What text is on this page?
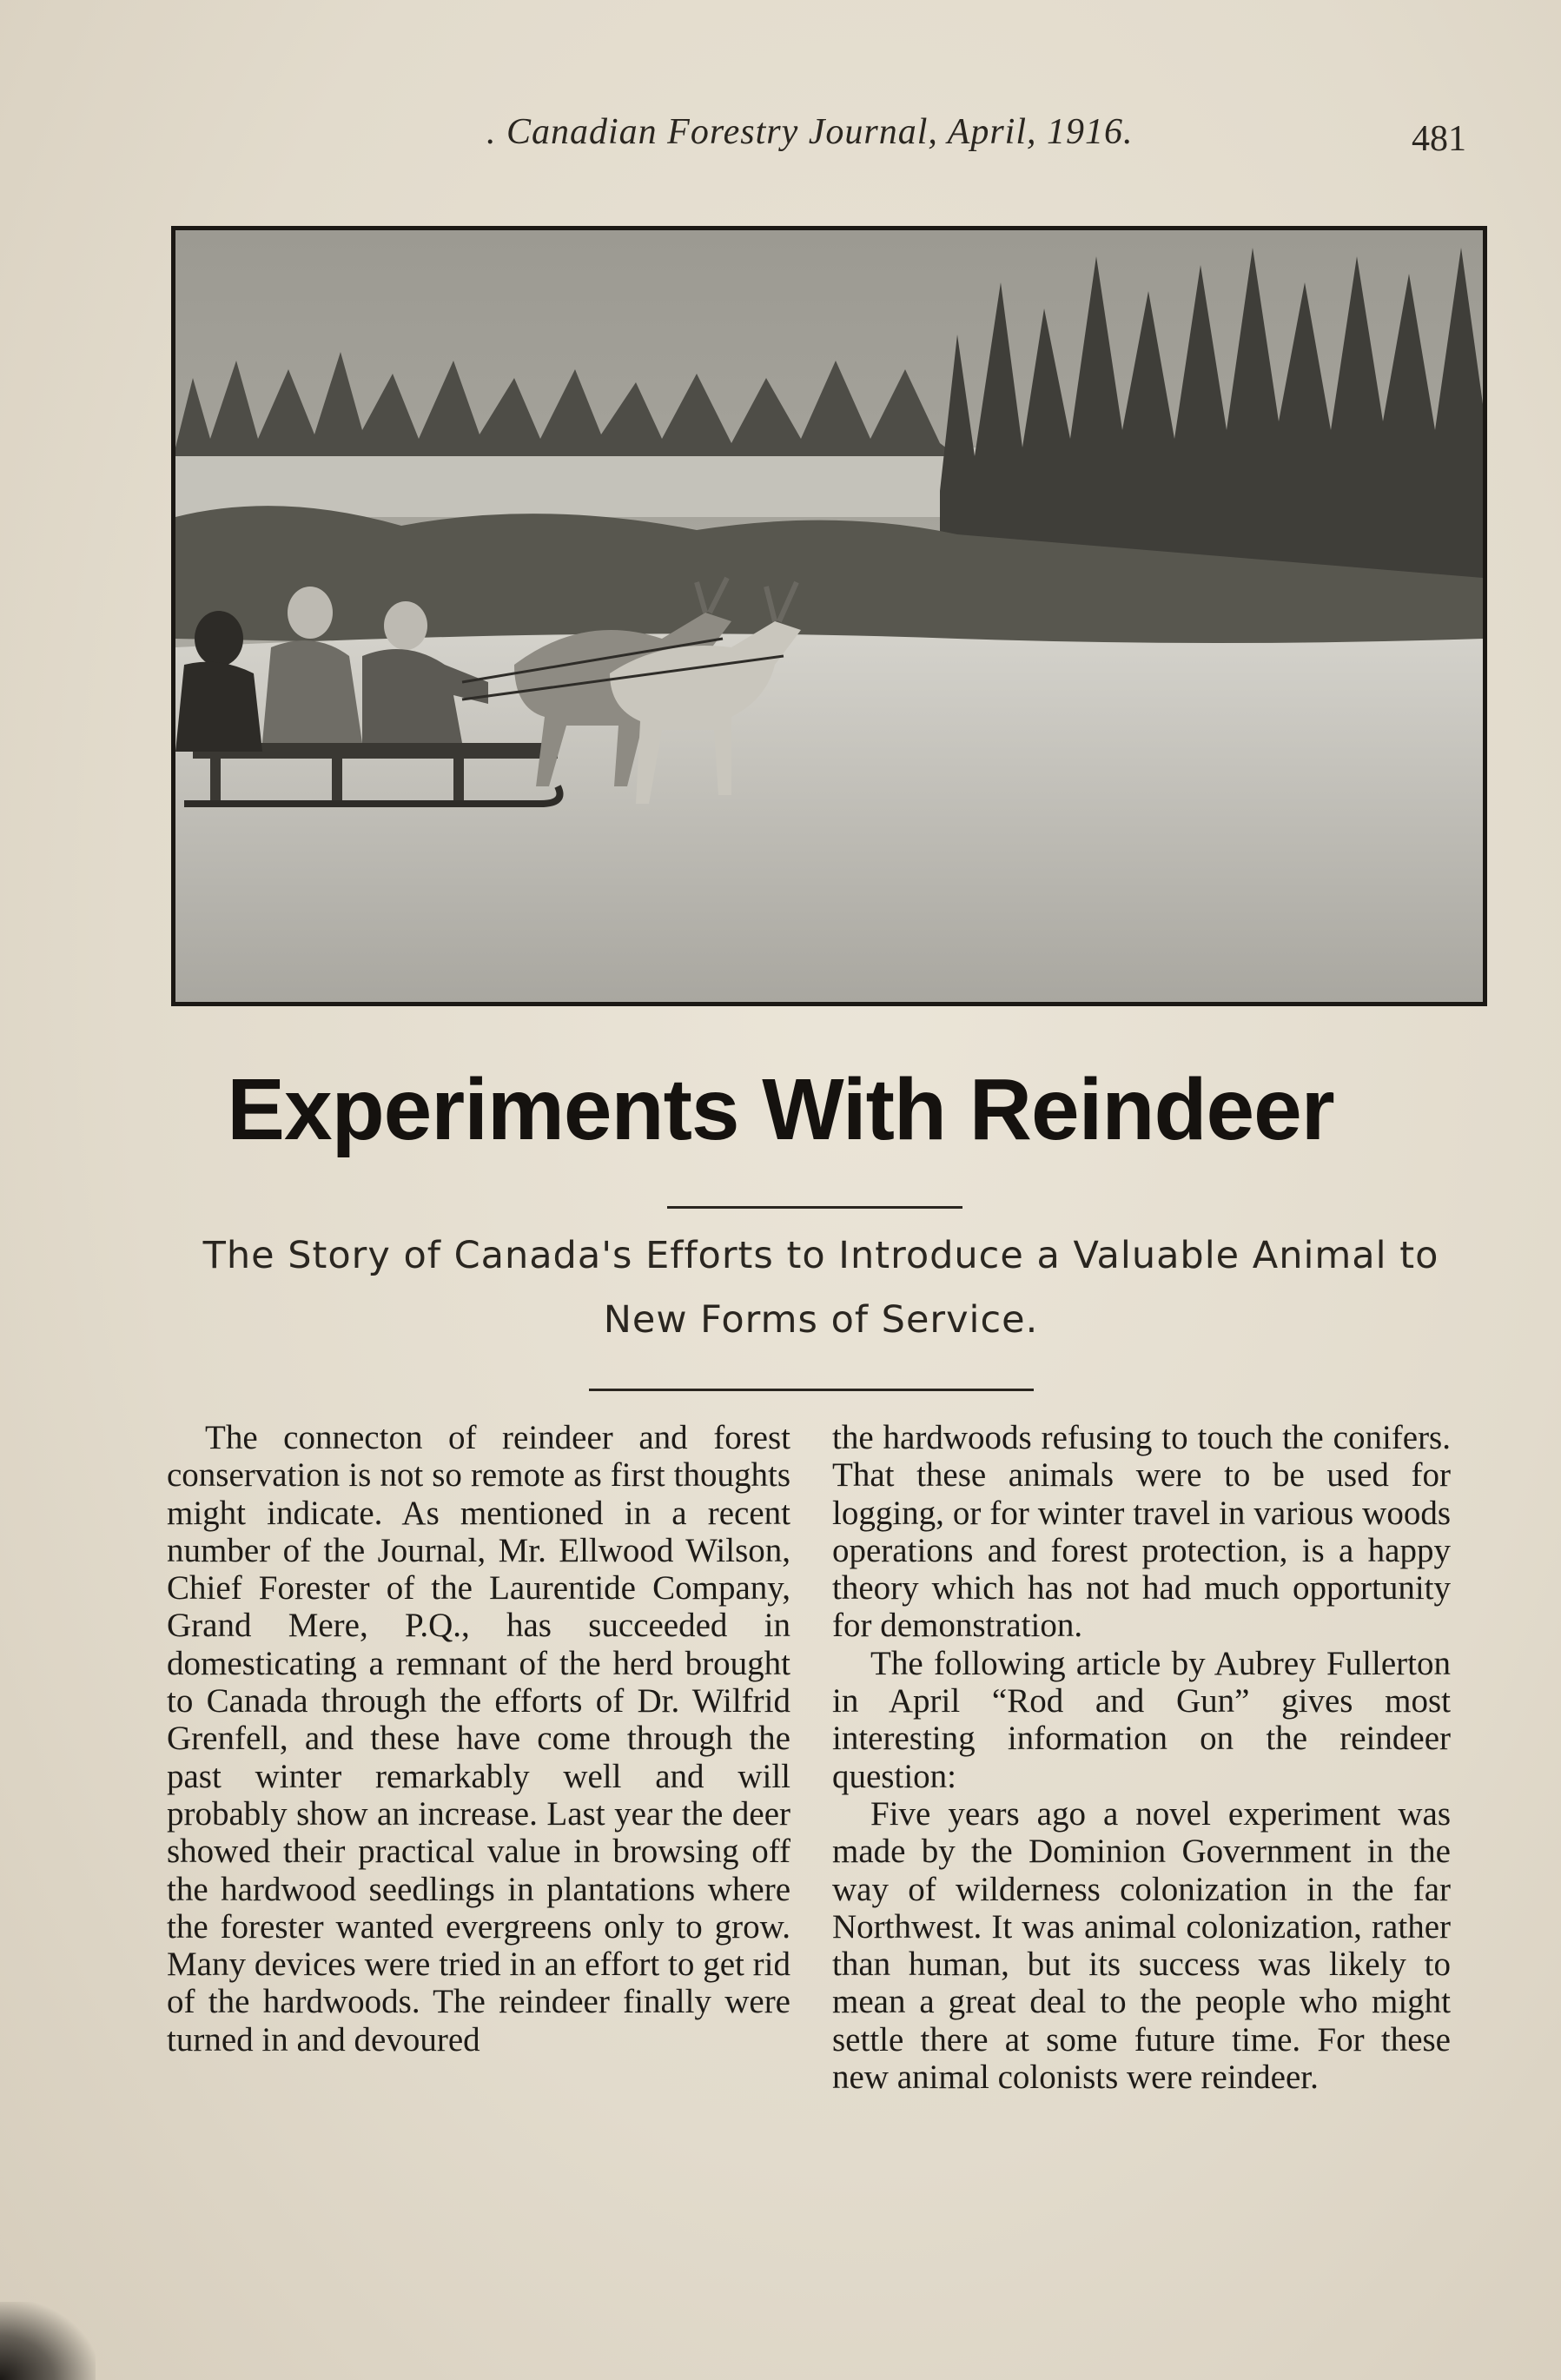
. Canadian Forestry Journal, April, 1916.	481
Experiments With Reindeer
The Story of Canada's Efforts to Introduce a Valuable Animal to
New Forms of Service.

The connecton of reindeer and forest conservation is not so remote as first thoughts might indicate. As mentioned in a recent number of the Journal, Mr. Ellwood Wilson, Chief Forester of the Laurentide Company, Grand Mere, P.Q., has succeeded in domesticating a remnant of the herd brought to Canada through the efforts of Dr. Wilfrid Grenfell, and these have come through the past winter remarkably well and will probably show an increase. Last year the deer showed their practical value in browsing off the hardwood seedlings in plantations where the forester wanted evergreens only to grow. Many devices were tried in an effort to get rid of the hardwoods. The reindeer finally were turned in and devoured

the hardwoods refusing to touch the conifers. That these animals were to be used for logging, or for winter travel in various woods operations and forest protection, is a happy theory which has not had much opportunity for demonstration.

The following article by Aubrey Fullerton in April “Rod and Gun” gives most interesting information on the reindeer question:

Five years ago a novel experiment was made by the Dominion Government in the way of wilderness colonization in the far Northwest. It was animal colonization, rather than human, but its success was likely to mean a great deal to the people who might settle there at some future time. For these new animal colonists were reindeer.
